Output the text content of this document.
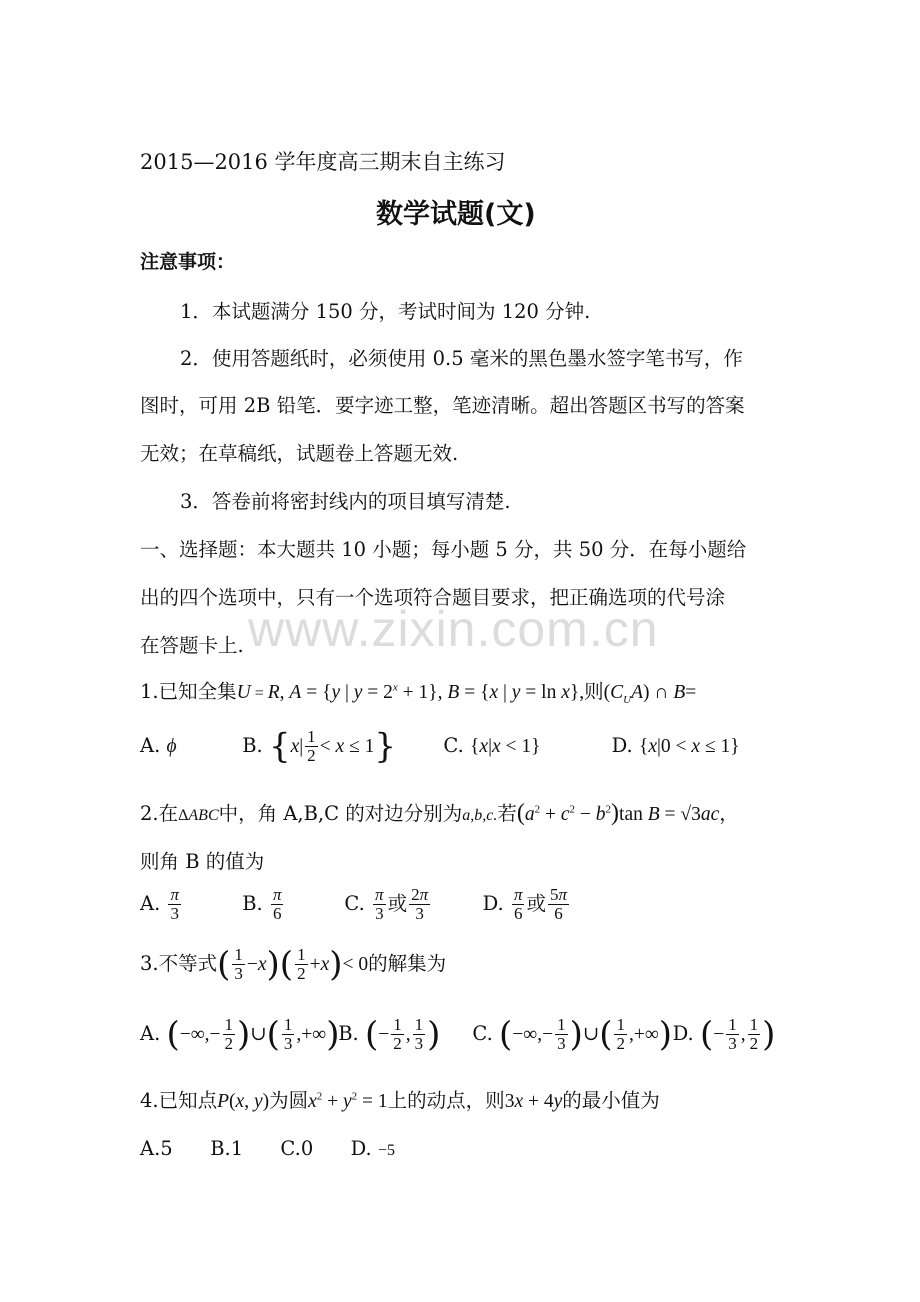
www.zixin.com.cn
2015—2016 学年度高三期末自主练习
数学试题(文)
注意事项：
1．本试题满分 150 分，考试时间为 120 分钟.
2．使用答题纸时，必须使用 0.5 毫米的黑色墨水签字笔书写，作
图时，可用 2B 铅笔．要字迹工整，笔迹清晰。超出答题区书写的答案
无效；在草稿纸，试题卷上答题无效.
3．答卷前将密封线内的项目填写清楚.
一、选择题：本大题共 10 小题；每小题 5 分，共 50 分．在每小题给
出的四个选项中，只有一个选项符合题目要求，把正确选项的代号涂
在答题卡上.
1.已知全集U = R, A = {y | $y = 2^x + 1$}, B = {x | y = ln x},则$(C_UA)$ ∩ B=
A. ϕ	B. $\{x| \frac{1}{2} < x \le 1\}$ C. {x|x < 1}	D. {x|0 < x ≤ 1}
2.在ΔABC中，角 A,B,C 的对边分别为a,b,c.若$(a^2 + c^2 - b^2)\tan$ B = √3ac，
则角 B 的值为
A. $\frac{\pi}{3}$	B. $\frac{\pi}{6}$	C. $\frac{\pi}{3}$ 或 $\frac{2\pi}{3}$	D. $\frac{\pi}{6}$ 或 $\frac{5\pi}{6}$
3.不等式( $\frac{1}{3} -x)( \frac{1}{2} +x)< 0$的解集为
A. (−∞,− $\frac{1}{2}$ )∪( $\frac{1}{3}$ ,+∞) B. (− $\frac{1}{2}$ , $\frac{1}{3}$ ) C. (−∞,− $\frac{1}{3}$ )∪( $\frac{1}{2}$ ,+∞) D. (− $\frac{1}{3}$ , $\frac{1}{2}$ )
4.已知点P(x, y)为圆$x^2 + y^2 = 1$上的动点，则3x + 4y的最小值为
A.5 B.1 C.0 D. −5
